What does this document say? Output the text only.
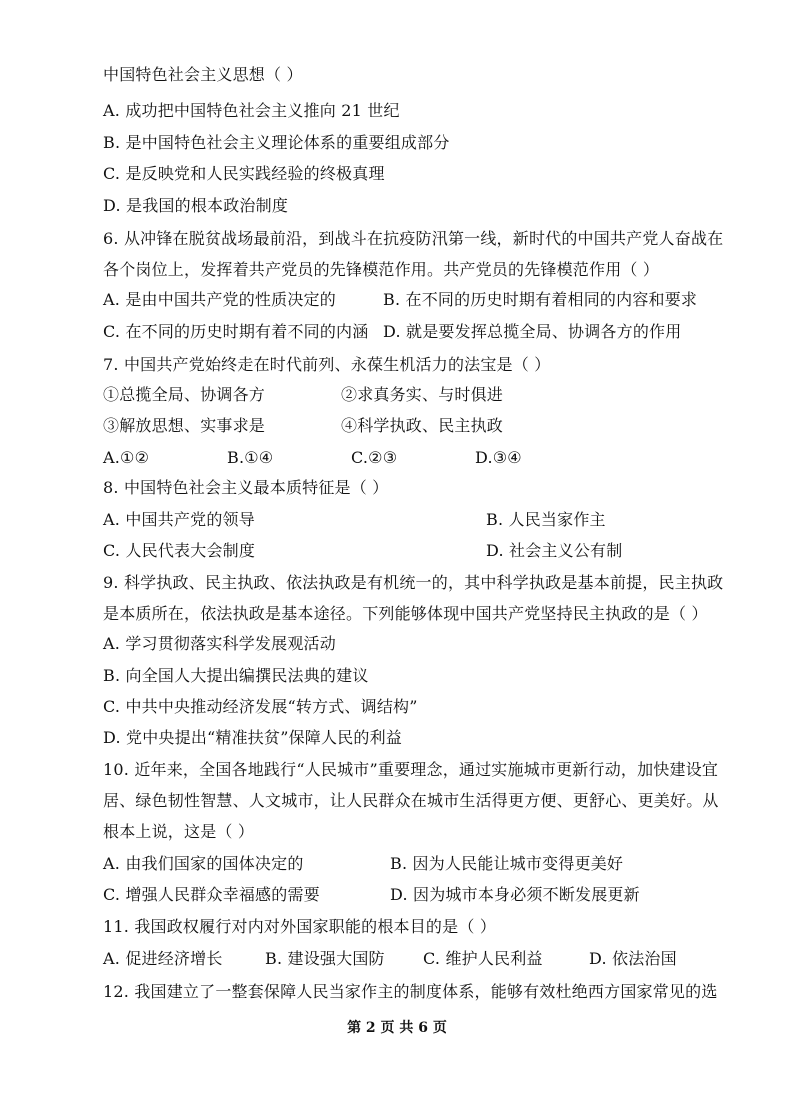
中国特色社会主义思想（ ）
A. 成功把中国特色社会主义推向 21 世纪
B. 是中国特色社会主义理论体系的重要组成部分
C. 是反映党和人民实践经验的终极真理
D. 是我国的根本政治制度
6. 从冲锋在脱贫战场最前沿，到战斗在抗疫防汛第一线，新时代的中国共产党人奋战在
各个岗位上，发挥着共产党员的先锋模范作用。共产党员的先锋模范作用（ ）
A. 是由中国共产党的性质决定的	B. 在不同的历史时期有着相同的内容和要求
C. 在不同的历史时期有着不同的内涵 D. 就是要发挥总揽全局、协调各方的作用
7. 中国共产党始终走在时代前列、永葆生机活力的法宝是（ ）
①总揽全局、协调各方	②求真务实、与时俱进
③解放思想、实事求是	④科学执政、民主执政
A.①②	B.①④	C.②③	D.③④
8. 中国特色社会主义最本质特征是（ ）
A. 中国共产党的领导	B. 人民当家作主
C. 人民代表大会制度	D. 社会主义公有制
9. 科学执政、民主执政、依法执政是有机统一的，其中科学执政是基本前提，民主执政
是本质所在，依法执政是基本途径。下列能够体现中国共产党坚持民主执政的是（ ）
A. 学习贯彻落实科学发展观活动
B. 向全国人大提出编撰民法典的建议
C. 中共中央推动经济发展“转方式、调结构”
D. 党中央提出“精准扶贫”保障人民的利益
10. 近年来，全国各地践行“人民城市”重要理念，通过实施城市更新行动，加快建设宜
居、绿色韧性智慧、人文城市，让人民群众在城市生活得更方便、更舒心、更美好。从
根本上说，这是（ ）
A. 由我们国家的国体决定的	B. 因为人民能让城市变得更美好
C. 增强人民群众幸福感的需要	D. 因为城市本身必须不断发展更新
11. 我国政权履行对内对外国家职能的根本目的是（ ）
A. 促进经济增长	B. 建设强大国防 C. 维护人民利益	D. 依法治国
12. 我国建立了一整套保障人民当家作主的制度体系，能够有效杜绝西方国家常见的选
第 2 页 共 6 页
